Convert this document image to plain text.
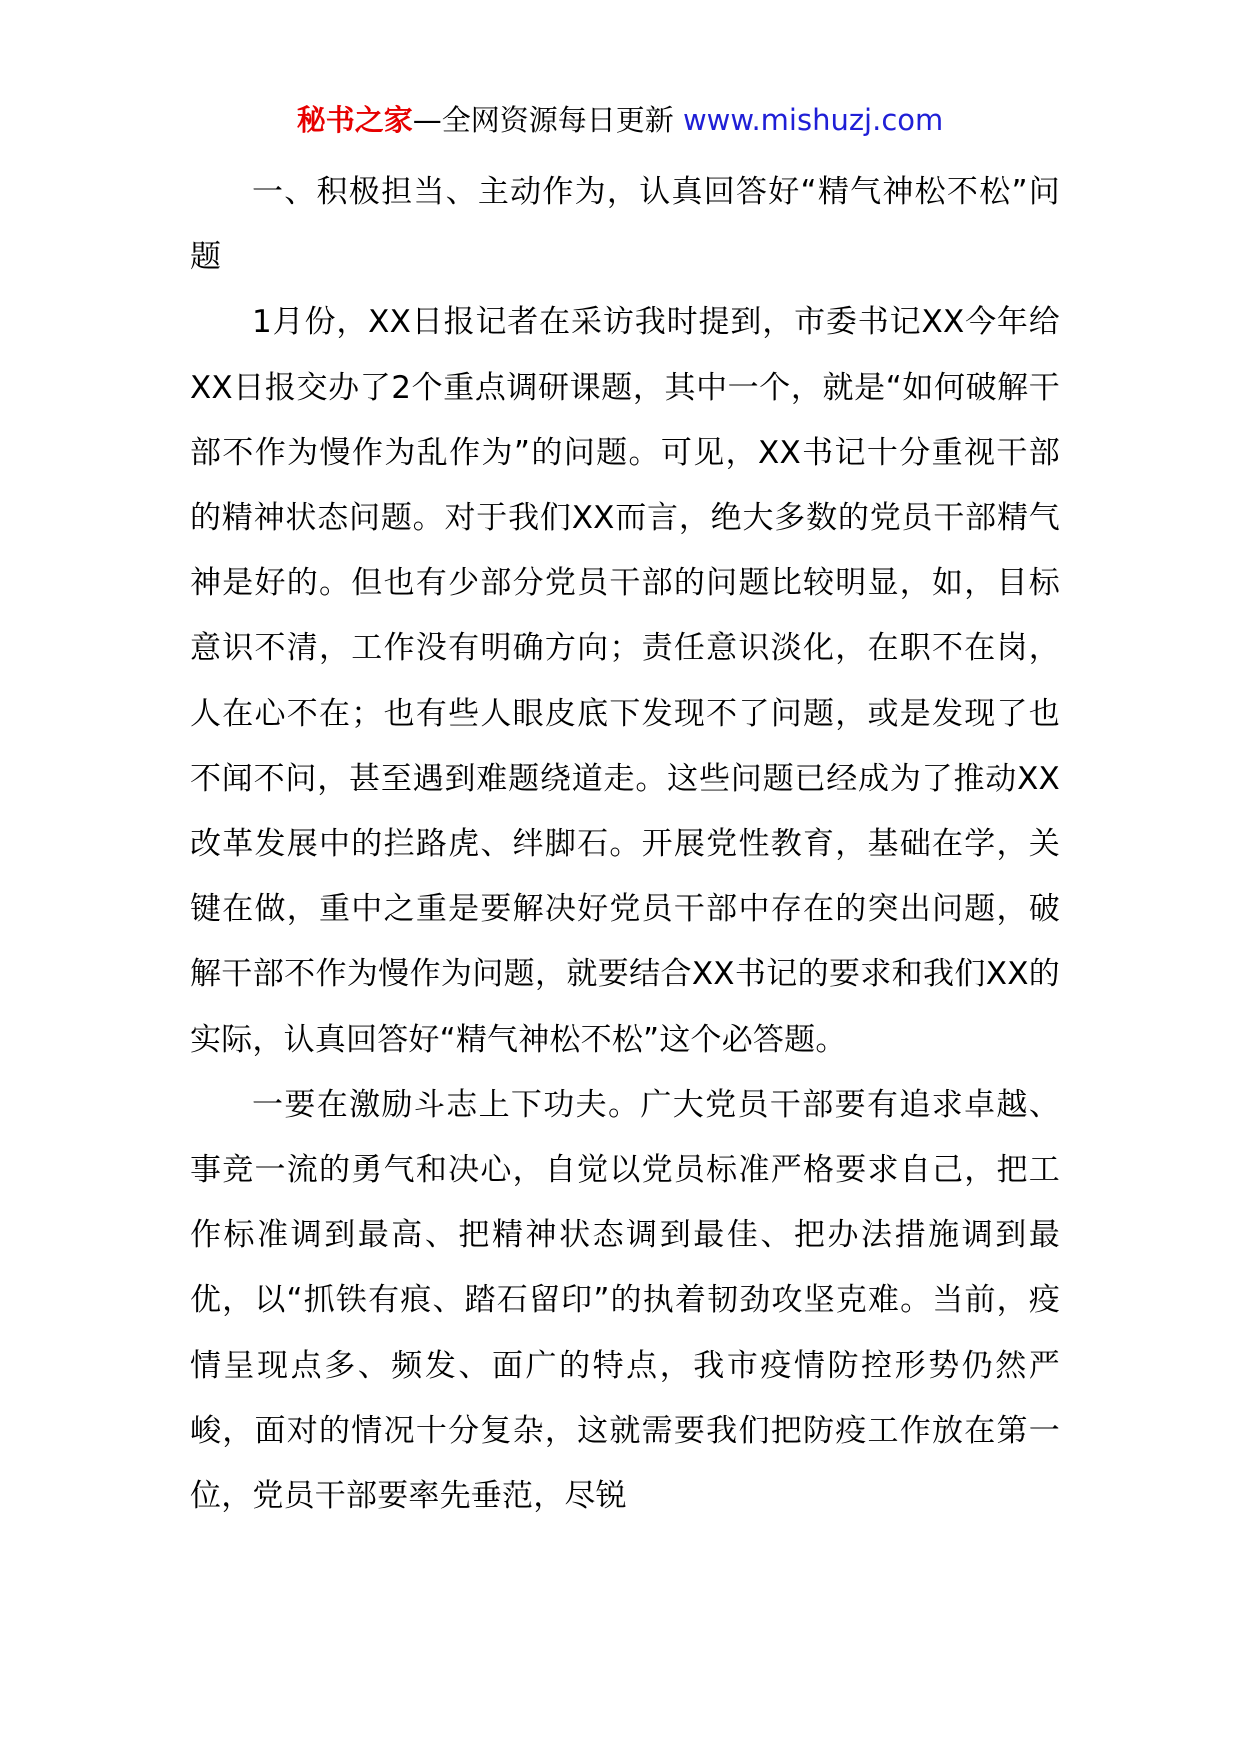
秘书之家—全网资源每日更新 www.mishuzj.com

一、积极担当、主动作为，认真回答好“精气神松不松”问题

1月份，XX日报记者在采访我时提到，市委书记XX今年给XX日报交办了2个重点调研课题，其中一个，就是“如何破解干部不作为慢作为乱作为”的问题。可见，XX书记十分重视干部的精神状态问题。对于我们XX而言，绝大多数的党员干部精气神是好的。但也有少部分党员干部的问题比较明显，如，目标意识不清，工作没有明确方向；责任意识淡化，在职不在岗，人在心不在；也有些人眼皮底下发现不了问题，或是发现了也不闻不问，甚至遇到难题绕道走。这些问题已经成为了推动XX改革发展中的拦路虎、绊脚石。开展党性教育，基础在学，关键在做，重中之重是要解决好党员干部中存在的突出问题，破解干部不作为慢作为问题，就要结合XX书记的要求和我们XX的实际，认真回答好“精气神松不松”这个必答题。

一要在激励斗志上下功夫。广大党员干部要有追求卓越、事竞一流的勇气和决心，自觉以党员标准严格要求自己，把工作标准调到最高、把精神状态调到最佳、把办法措施调到最优，以“抓铁有痕、踏石留印”的执着韧劲攻坚克难。当前，疫情呈现点多、频发、面广的特点，我市疫情防控形势仍然严峻，面对的情况十分复杂，这就需要我们把防疫工作放在第一位，党员干部要率先垂范，尽锐
